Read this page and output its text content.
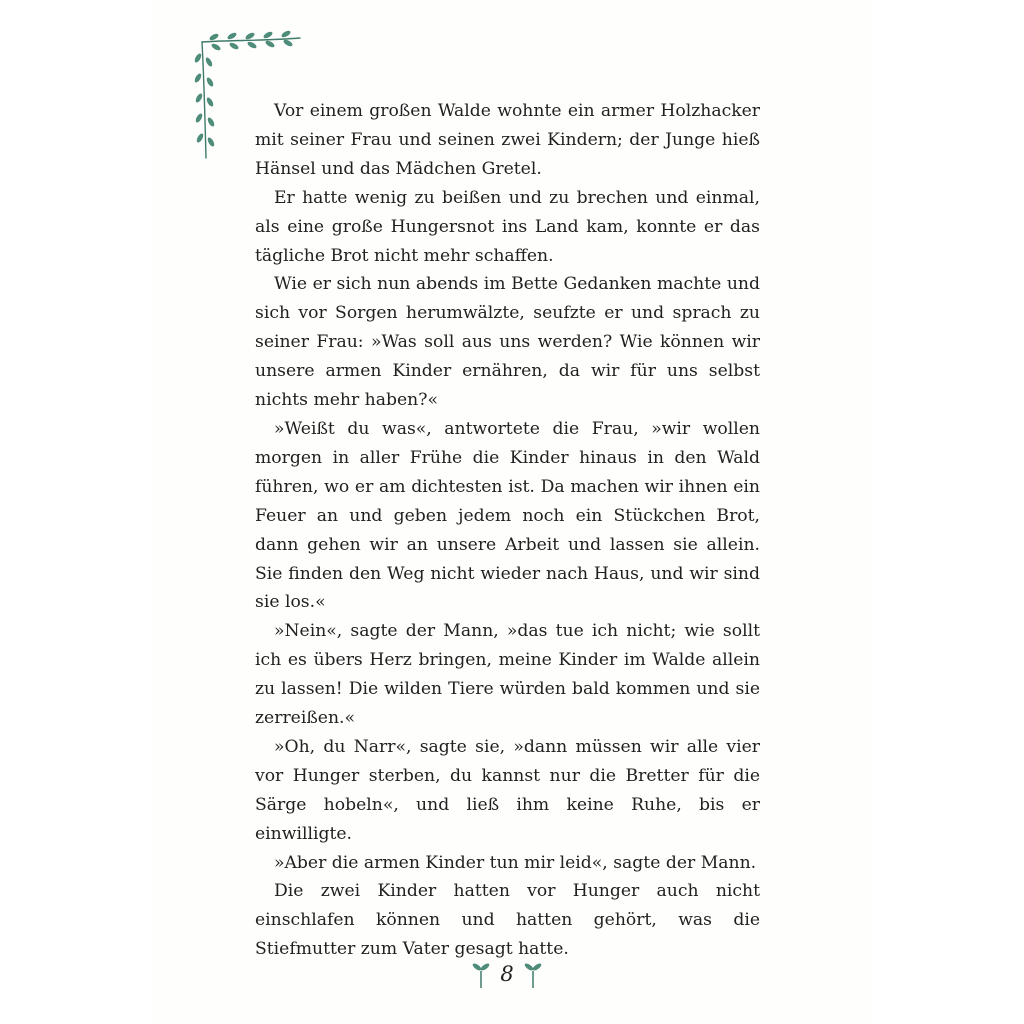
Vor einem großen Walde wohnte ein armer Holzhacker mit seiner Frau und seinen zwei Kindern; der Junge hieß Hänsel und das Mädchen Gretel.

Er hatte wenig zu beißen und zu brechen und einmal, als eine große Hungersnot ins Land kam, konnte er das tägliche Brot nicht mehr schaffen.

Wie er sich nun abends im Bette Gedanken machte und sich vor Sorgen herumwälzte, seufzte er und sprach zu seiner Frau: »Was soll aus uns werden? Wie können wir unsere armen Kinder ernähren, da wir für uns selbst nichts mehr haben?«

»Weißt du was«, antwortete die Frau, »wir wollen morgen in aller Frühe die Kinder hinaus in den Wald führen, wo er am dichtesten ist. Da machen wir ihnen ein Feuer an und geben jedem noch ein Stückchen Brot, dann gehen wir an unsere Arbeit und lassen sie allein. Sie finden den Weg nicht wieder nach Haus, und wir sind sie los.«

»Nein«, sagte der Mann, »das tue ich nicht; wie sollt ich es übers Herz bringen, meine Kinder im Walde allein zu lassen! Die wilden Tiere würden bald kommen und sie zerreißen.«

»Oh, du Narr«, sagte sie, »dann müssen wir alle vier vor Hunger sterben, du kannst nur die Bretter für die Särge hobeln«, und ließ ihm keine Ruhe, bis er einwilligte.

»Aber die armen Kinder tun mir leid«, sagte der Mann.

Die zwei Kinder hatten vor Hunger auch nicht einschlafen können und hatten gehört, was die Stiefmutter zum Vater gesagt hatte.

8
